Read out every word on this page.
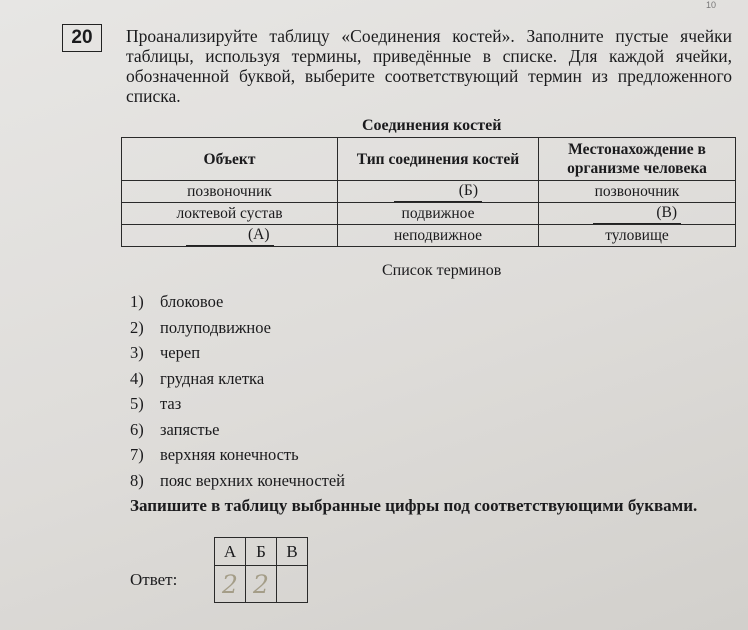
10
20	Проанализируйте таблицу «Соединения костей». Заполните пустые ячейки таблицы, используя термины, приведённые в списке. Для каждой ячейки, обозначенной буквой, выберите соответствующий термин из предложенного списка.
Соединения костей
Объект	Тип соединения костей	Местонахождение в организме человека
позвоночник	(Б)	позвоночник
локтевой сустав	подвижное	(В)
(А)	неподвижное	туловище
Список терминов
1) блоковое
2) полуподвижное
3) череп
4) грудная клетка
5) таз
6) запястье
7) верхняя конечность
8) пояс верхних конечностей
Запишите в таблицу выбранные цифры под соответствующими буквами.
Ответ:
А	Б	В
2	2	
